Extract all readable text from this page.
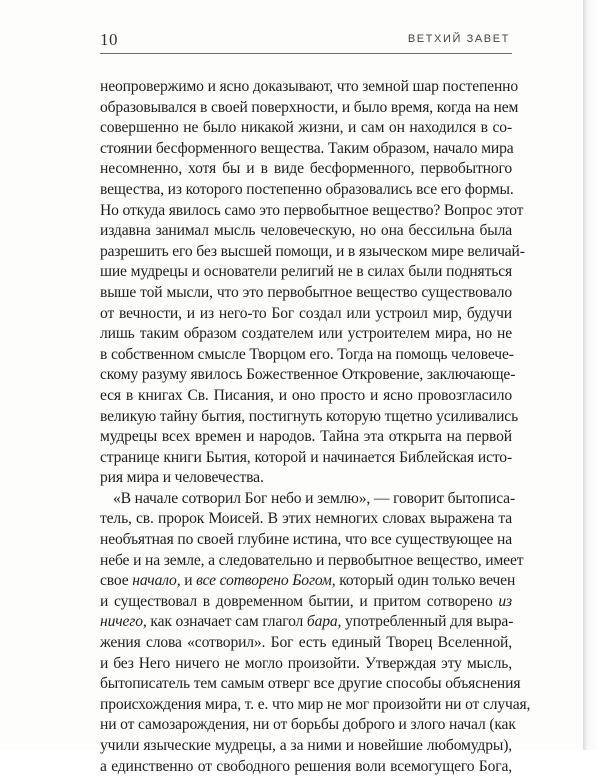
10	ВЕТХИЙ ЗАВЕТ
неопровержимо и ясно доказывают, что земной шар постепенно
образовывался в своей поверхности, и было время, когда на нем
совершенно не было никакой жизни, и сам он находился в со-
стоянии бесформенного вещества. Таким образом, начало мира
несомненно, хотя бы и в виде бесформенного, первобытного
вещества, из которого постепенно образовались все его формы.
Но откуда явилось само это первобытное вещество? Вопрос этот
издавна занимал мысль человеческую, но она бессильна была
разрешить его без высшей помощи, и в языческом мире величай-
шие мудрецы и основатели религий не в силах были подняться
выше той мысли, что это первобытное вещество существовало
от вечности, и из него-то Бог создал или устроил мир, будучи
лишь таким образом создателем или устроителем мира, но не
в собственном смысле Творцом его. Тогда на помощь человече-
скому разуму явилось Божественное Откровение, заключающе-
еся в книгах Св. Писания, и оно просто и ясно провозгласило
великую тайну бытия, постигнуть которую тщетно усиливались
мудрецы всех времен и народов. Тайна эта открыта на первой
странице книги Бытия, которой и начинается Библейская исто-
рия мира и человечества.
«В начале сотворил Бог небо и землю», — говорит бытописа-
тель, св. пророк Моисей. В этих немногих словах выражена та
необъятная по своей глубине истина, что все существующее на
небе и на земле, а следовательно и первобытное вещество, имеет
свое начало, и все сотворено Богом, который один только вечен
и существовал в довременном бытии, и притом сотворено из
ничего, как означает сам глагол бара, употребленный для выра-
жения слова «сотворил». Бог есть единый Творец Вселенной,
и без Него ничего не могло произойти. Утверждая эту мысль,
бытописатель тем самым отверг все другие способы объяснения
происхождения мира, т. е. что мир не мог произойти ни от случая,
ни от самозарождения, ни от борьбы доброго и злого начал (как
учили языческие мудрецы, а за ними и новейшие любомудры),
а единственно от свободного решения воли всемогущего Бога,
